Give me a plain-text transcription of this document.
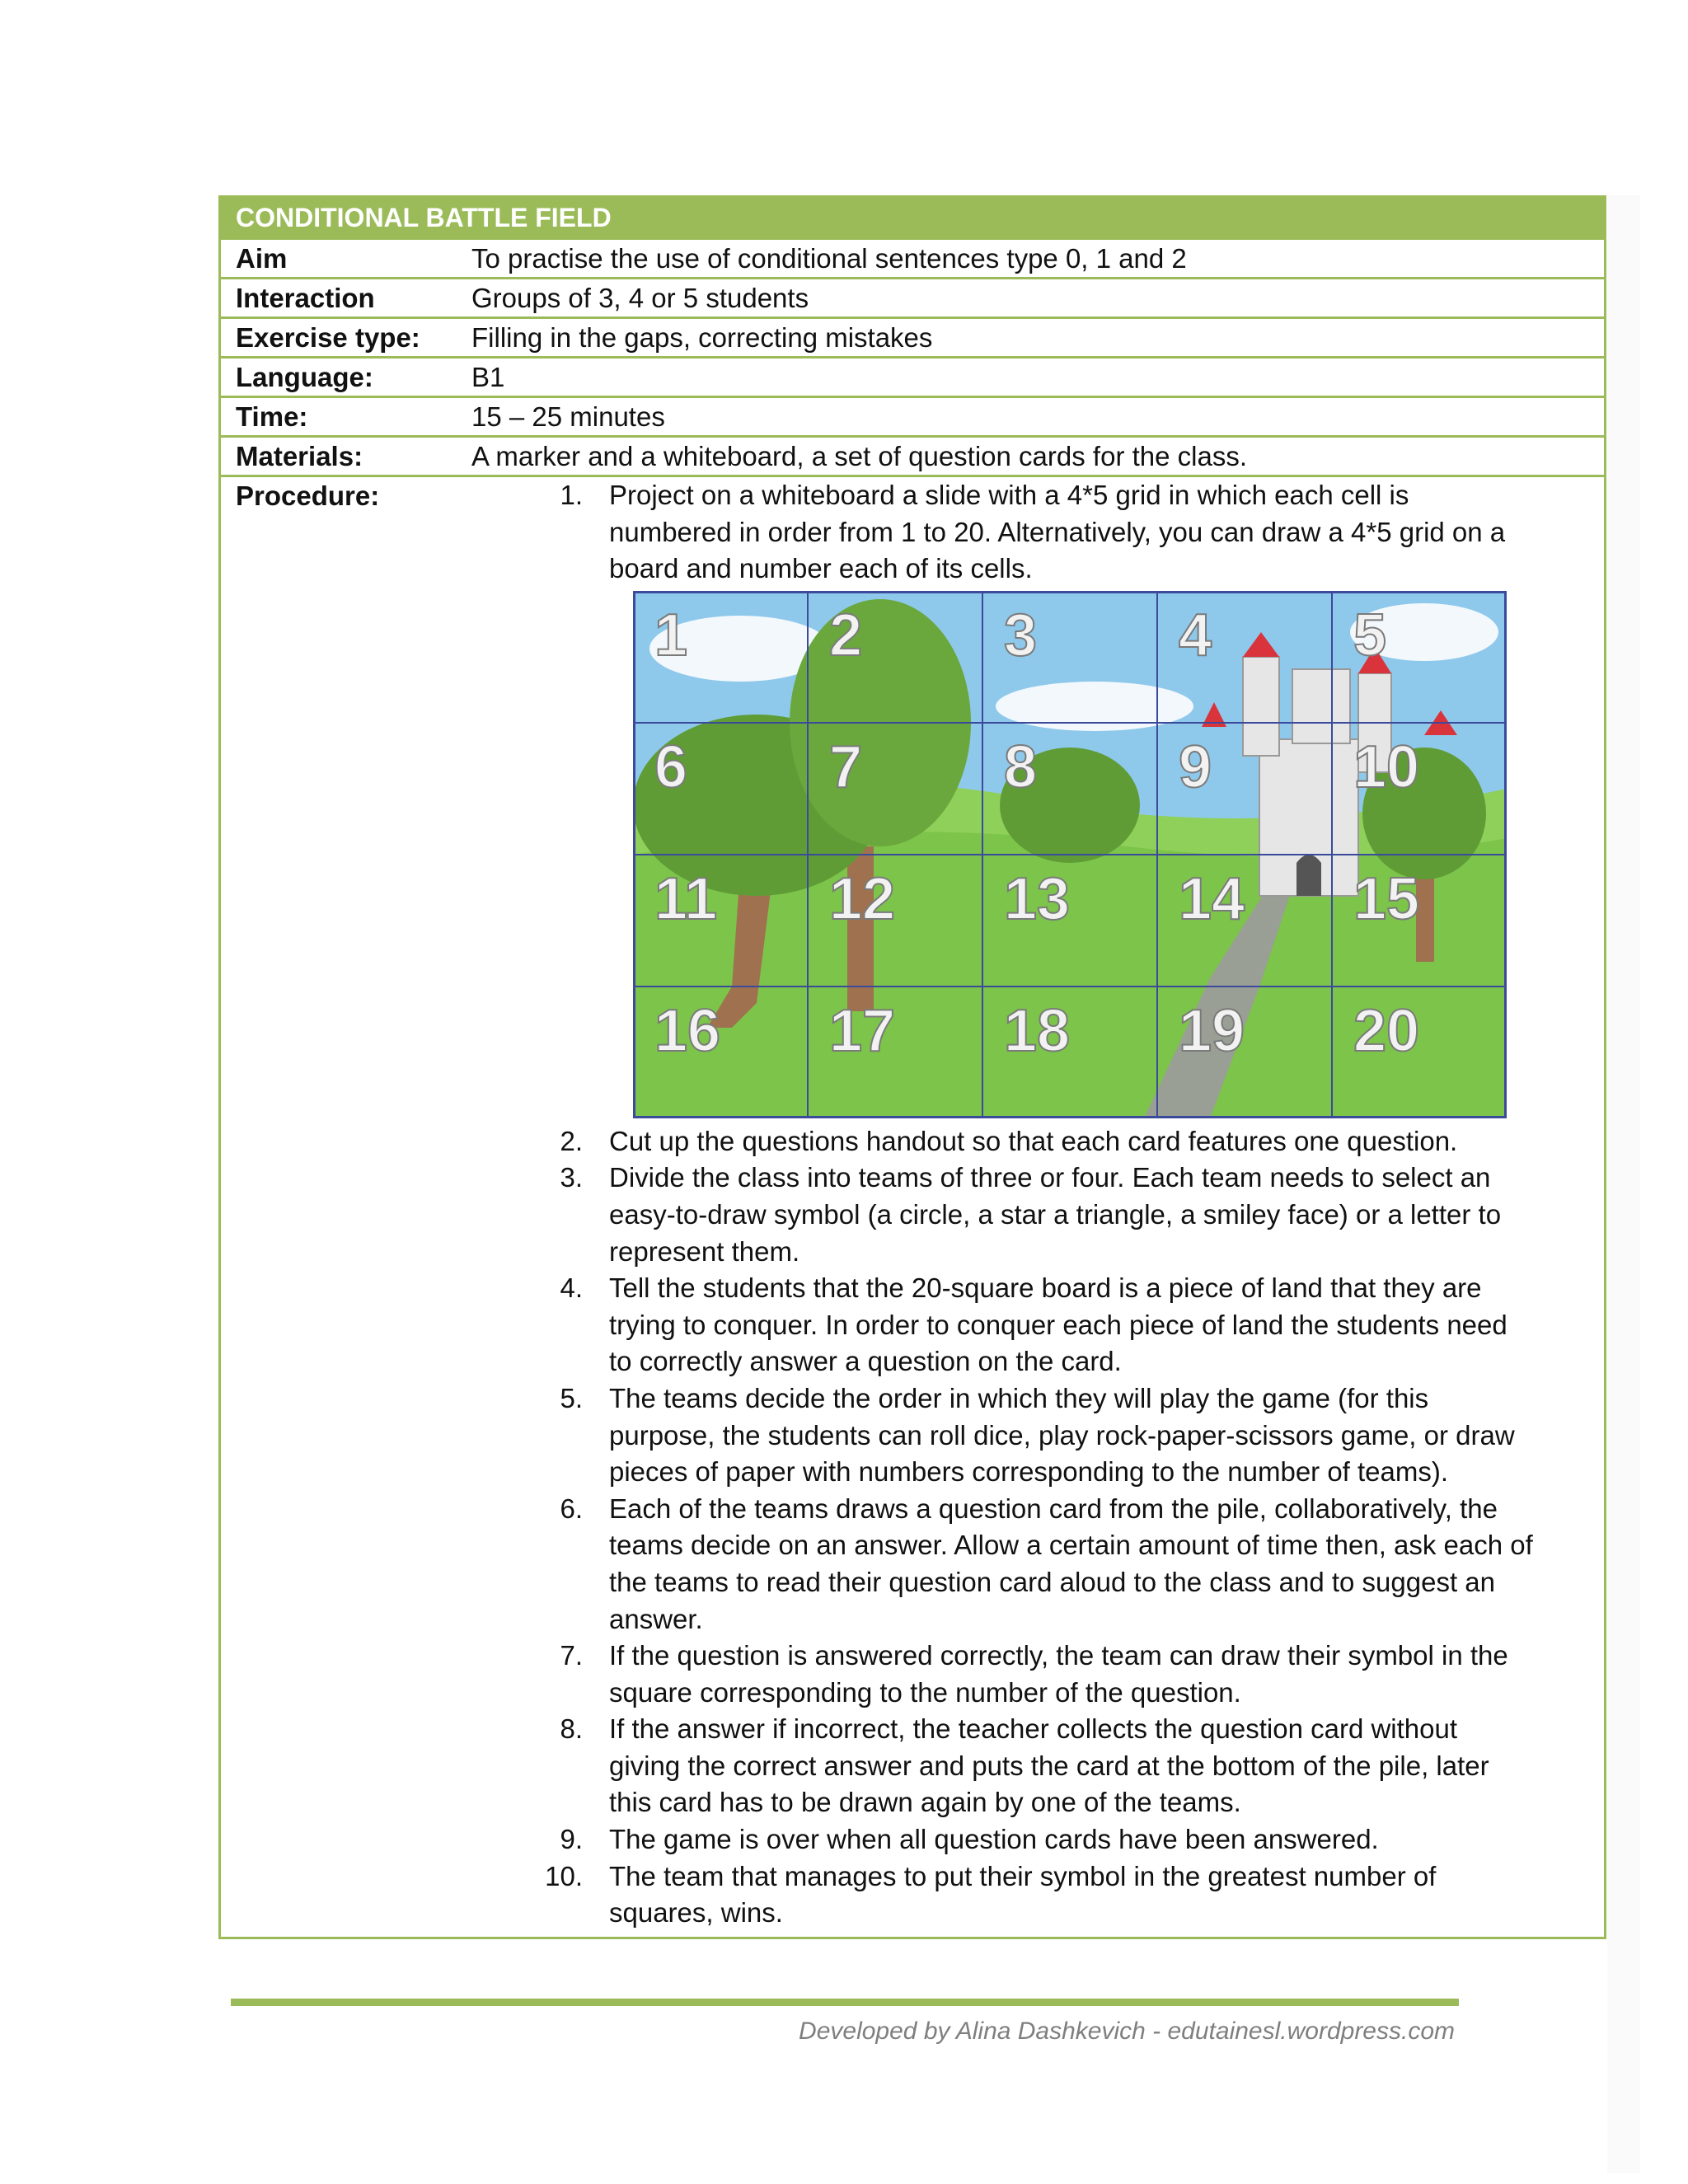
CONDITIONAL BATTLE FIELD
Aim	To practise the use of conditional sentences type 0, 1 and 2
Interaction	Groups of 3, 4 or 5 students
Exercise type:	Filling in the gaps, correcting mistakes
Language:	B1
Time:	15 – 25 minutes
Materials:	A marker and a whiteboard, a set of question cards for the class.
Procedure:	1. Project on a whiteboard a slide with a 4*5 grid in which each cell is
numbered in order from 1 to 20. Alternatively, you can draw a 4*5 grid on a
board and number each of its cells.
1 2 3 4 5
6 7 8 9 10
11 12 13 14 15
16 17 18 19 20
2. Cut up the questions handout so that each card features one question.
3. Divide the class into teams of three or four. Each team needs to select an
easy-to-draw symbol (a circle, a star a triangle, a smiley face) or a letter to
represent them.
4. Tell the students that the 20-square board is a piece of land that they are
trying to conquer. In order to conquer each piece of land the students need
to correctly answer a question on the card.
5. The teams decide the order in which they will play the game (for this
purpose, the students can roll dice, play rock-paper-scissors game, or draw
pieces of paper with numbers corresponding to the number of teams).
6. Each of the teams draws a question card from the pile, collaboratively, the
teams decide on an answer. Allow a certain amount of time then, ask each of
the teams to read their question card aloud to the class and to suggest an
answer.
7. If the question is answered correctly, the team can draw their symbol in the
square corresponding to the number of the question.
8. If the answer if incorrect, the teacher collects the question card without
giving the correct answer and puts the card at the bottom of the pile, later
this card has to be drawn again by one of the teams.
9. The game is over when all question cards have been answered.
10. The team that manages to put their symbol in the greatest number of
squares, wins.
Developed by Alina Dashkevich - edutainesl.wordpress.com
